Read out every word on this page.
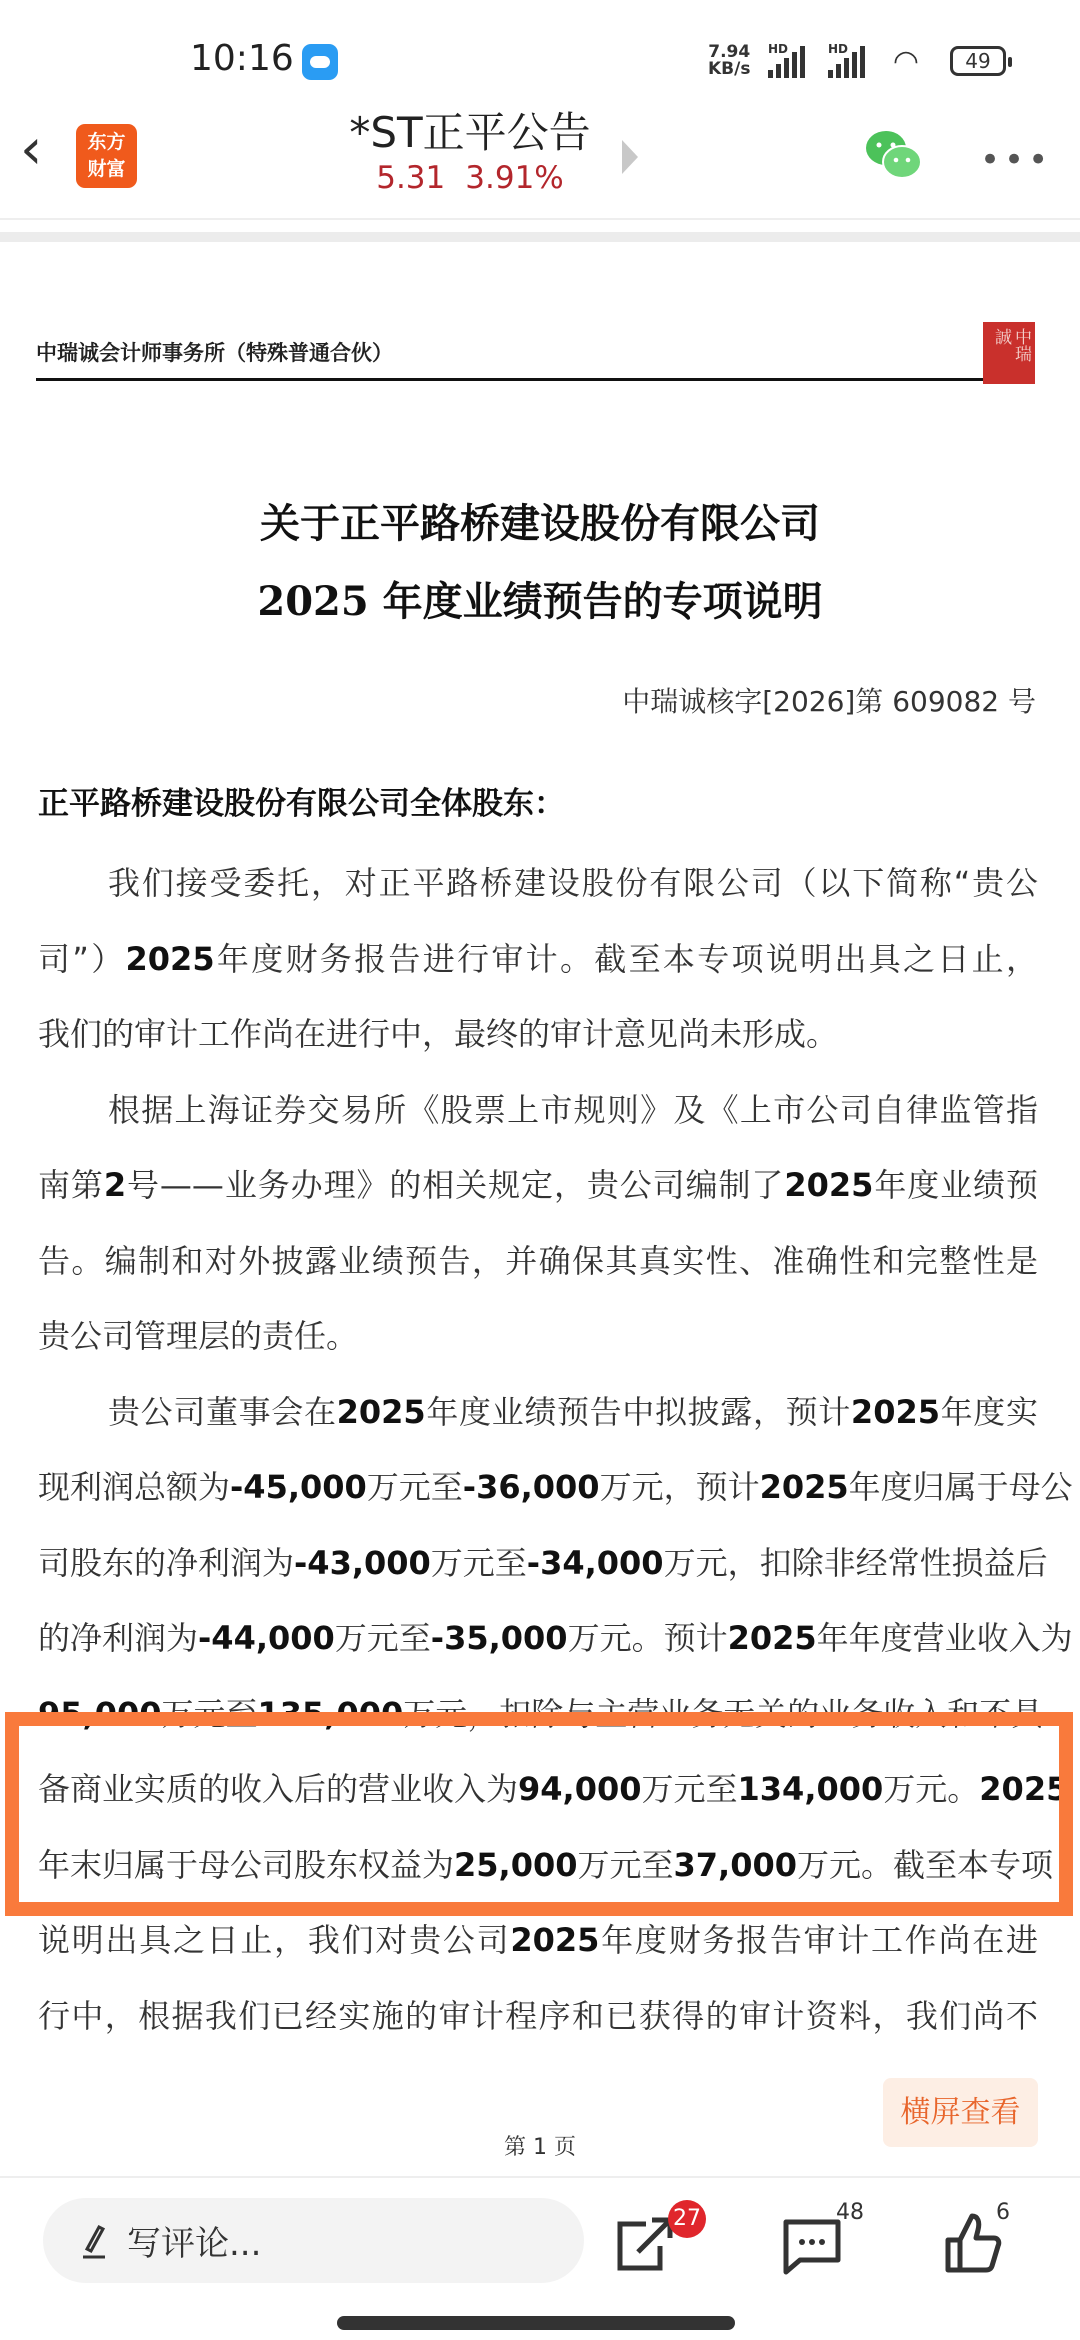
10:16	7.94
KB/s
HD	HD ◠	49
‹	东方
财富
*ST正平公告
5.31 3.91%	•••
中瑞诚会计师事务所（特殊普通合伙）	中瑞誠
关于正平路桥建设股份有限公司
2025 年度业绩预告的专项说明
中瑞诚核字[2026]第 609082 号
正平路桥建设股份有限公司全体股东：
我们接受委托，对正平路桥建设股份有限公司（以下简称“贵公
司”）2025年度财务报告进行审计。截至本专项说明出具之日止，
我们的审计工作尚在进行中，最终的审计意见尚未形成。
根据上海证券交易所《股票上市规则》及《上市公司自律监管指
南第2号——业务办理》的相关规定，贵公司编制了2025年度业绩预
告。编制和对外披露业绩预告，并确保其真实性、准确性和完整性是
贵公司管理层的责任。
贵公司董事会在2025年度业绩预告中拟披露，预计2025年度实
现利润总额为-45,000万元至-36,000万元，预计2025年度归属于母公
司股东的净利润为-43,000万元至-34,000万元，扣除非经常性损益后
的净利润为-44,000万元至-35,000万元。预计2025年年度营业收入为
95,000万元至135,000万元，扣除与主营业务无关的业务收入和不具
备商业实质的收入后的营业收入为94,000万元至134,000万元。2025
年末归属于母公司股东权益为25,000万元至37,000万元。截至本专项
说明出具之日止，我们对贵公司2025年度财务报告审计工作尚在进
行中，根据我们已经实施的审计程序和已获得的审计资料，我们尚不
横屏查看
第 1 页
写评论...
27	48	6
